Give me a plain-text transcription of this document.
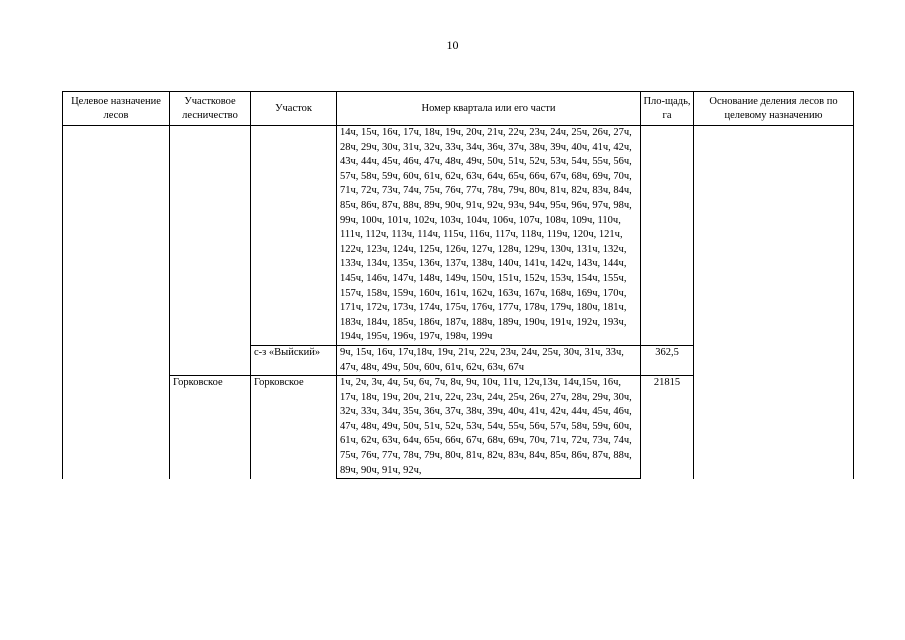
10
Целевое назначение лесов	Участковое лесничество	Участок	Номер квартала или его части	Пло-щадь, га	Основание деления лесов по целевому назначению
			14ч, 15ч, 16ч, 17ч, 18ч, 19ч, 20ч, 21ч, 22ч, 23ч, 24ч, 25ч, 26ч, 27ч, 28ч, 29ч, 30ч, 31ч, 32ч, 33ч, 34ч, 36ч, 37ч, 38ч, 39ч, 40ч, 41ч, 42ч, 43ч, 44ч, 45ч, 46ч, 47ч, 48ч, 49ч, 50ч, 51ч, 52ч, 53ч, 54ч, 55ч, 56ч, 57ч, 58ч, 59ч, 60ч, 61ч, 62ч, 63ч, 64ч, 65ч, 66ч, 67ч, 68ч, 69ч, 70ч, 71ч, 72ч, 73ч, 74ч, 75ч, 76ч, 77ч, 78ч, 79ч, 80ч, 81ч, 82ч, 83ч, 84ч, 85ч, 86ч, 87ч, 88ч, 89ч, 90ч, 91ч, 92ч, 93ч, 94ч, 95ч, 96ч, 97ч, 98ч, 99ч, 100ч, 101ч, 102ч, 103ч, 104ч, 106ч, 107ч, 108ч, 109ч, 110ч, 111ч, 112ч, 113ч, 114ч, 115ч, 116ч, 117ч, 118ч, 119ч, 120ч, 121ч, 122ч, 123ч, 124ч, 125ч, 126ч, 127ч, 128ч, 129ч, 130ч, 131ч, 132ч, 133ч, 134ч, 135ч, 136ч, 137ч, 138ч, 140ч, 141ч, 142ч, 143ч, 144ч, 145ч, 146ч, 147ч, 148ч, 149ч, 150ч, 151ч, 152ч, 153ч, 154ч, 155ч, 157ч, 158ч, 159ч, 160ч, 161ч, 162ч, 163ч, 167ч, 168ч, 169ч, 170ч, 171ч, 172ч, 173ч, 174ч, 175ч, 176ч, 177ч, 178ч, 179ч, 180ч, 181ч, 183ч, 184ч, 185ч, 186ч, 187ч, 188ч, 189ч, 190ч, 191ч, 192ч, 193ч, 194ч, 195ч, 196ч, 197ч, 198ч, 199ч		
		с-з «Выйский»	9ч, 15ч, 16ч, 17ч,18ч, 19ч, 21ч, 22ч, 23ч, 24ч, 25ч, 30ч, 31ч, 33ч, 47ч, 48ч, 49ч, 50ч, 60ч, 61ч, 62ч, 63ч, 67ч	362,5	
	Горковское	Горковское	1ч, 2ч, 3ч, 4ч, 5ч, 6ч, 7ч, 8ч, 9ч, 10ч, 11ч, 12ч,13ч, 14ч,15ч, 16ч, 17ч, 18ч, 19ч, 20ч, 21ч, 22ч, 23ч, 24ч, 25ч, 26ч, 27ч, 28ч, 29ч, 30ч, 32ч, 33ч, 34ч, 35ч, 36ч, 37ч, 38ч, 39ч, 40ч, 41ч, 42ч, 44ч, 45ч, 46ч, 47ч, 48ч, 49ч, 50ч, 51ч, 52ч, 53ч, 54ч, 55ч, 56ч, 57ч, 58ч, 59ч, 60ч, 61ч, 62ч, 63ч, 64ч, 65ч, 66ч, 67ч, 68ч, 69ч, 70ч, 71ч, 72ч, 73ч, 74ч, 75ч, 76ч, 77ч, 78ч, 79ч, 80ч, 81ч, 82ч, 83ч, 84ч, 85ч, 86ч, 87ч, 88ч, 89ч, 90ч, 91ч, 92ч,	21815	
